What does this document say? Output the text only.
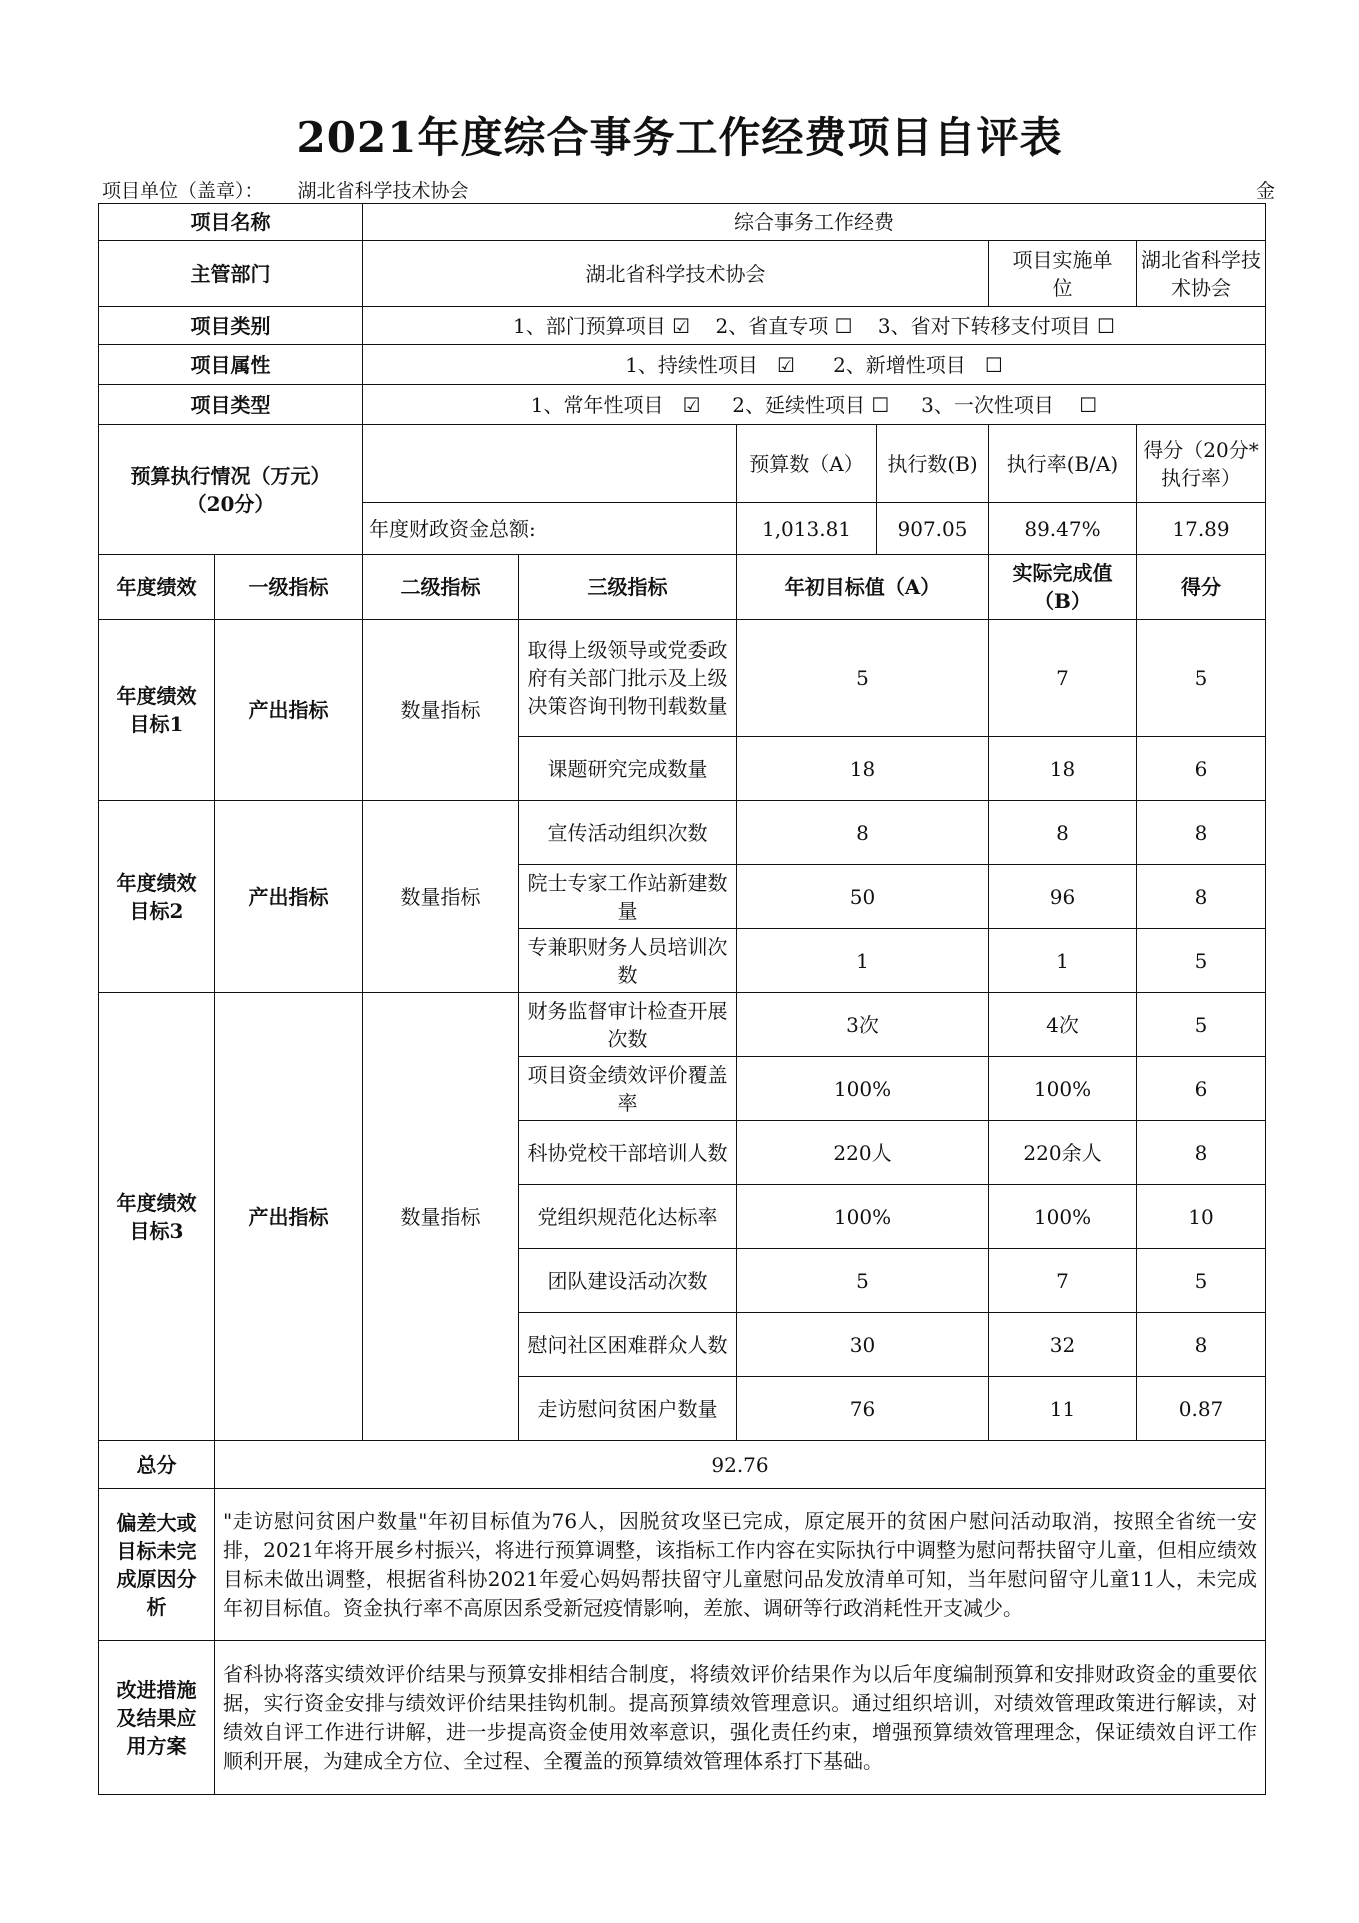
2021年度综合事务工作经费项目自评表
项目单位（盖章）： 湖北省科学技术协会	金
项目名称		综合事务工作经费					
主管部门		湖北省科学技术协会				项目实施单位	湖北省科学技术协会
项目类别		1、部门预算项目 ☑    2、省直专项 ☐    3、省对下转移支付项目 ☐					
项目属性		1、持续性项目   ☑      2、新增性项目   ☐					
项目类型		1、常年性项目   ☑     2、延续性项目 ☐     3、一次性项目    ☐					
预算执行情况（万元）（20分）				预算数（A）	执行数(B)	执行率(B/A)	得分（20分*执行率）
		年度财政资金总额:		1,013.81	907.05	89.47%	17.89
年度绩效	一级指标	二级指标	三级指标	年初目标值（A）		实际完成值（B）	得分
年度绩效目标1	产出指标	数量指标	取得上级领导或党委政府有关部门批示及上级决策咨询刊物刊载数量	5		7	5
			课题研究完成数量	18		18	6
年度绩效目标2	产出指标	数量指标	宣传活动组织次数	8		8	8
			院士专家工作站新建数量	50		96	8
			专兼职财务人员培训次数	1		1	5
年度绩效目标3	产出指标	数量指标	财务监督审计检查开展次数	3次		4次	5
			项目资金绩效评价覆盖率	100%		100%	6
			科协党校干部培训人数	220人		220余人	8
			党组织规范化达标率	100%		100%	10
			团队建设活动次数	5		7	5
			慰问社区困难群众人数	30		32	8
			走访慰问贫困户数量	76		11	0.87
总分	92.76						
偏差大或目标未完成原因分析	"走访慰问贫困户数量"年初目标值为76人，因脱贫攻坚已完成，原定展开的贫困户慰问活动取消，按照全省统一安排，2021年将开展乡村振兴，将进行预算调整，该指标工作内容在实际执行中调整为慰问帮扶留守儿童，但相应绩效目标未做出调整，根据省科协2021年爱心妈妈帮扶留守儿童慰问品发放清单可知，当年慰问留守儿童11人，未完成年初目标值。资金执行率不高原因系受新冠疫情影响，差旅、调研等行政消耗性开支减少。						
改进措施及结果应用方案	省科协将落实绩效评价结果与预算安排相结合制度，将绩效评价结果作为以后年度编制预算和安排财政资金的重要依据，实行资金安排与绩效评价结果挂钩机制。提高预算绩效管理意识。通过组织培训，对绩效管理政策进行解读，对绩效自评工作进行讲解，进一步提高资金使用效率意识，强化责任约束，增强预算绩效管理理念，保证绩效自评工作顺利开展，为建成全方位、全过程、全覆盖的预算绩效管理体系打下基础。						
